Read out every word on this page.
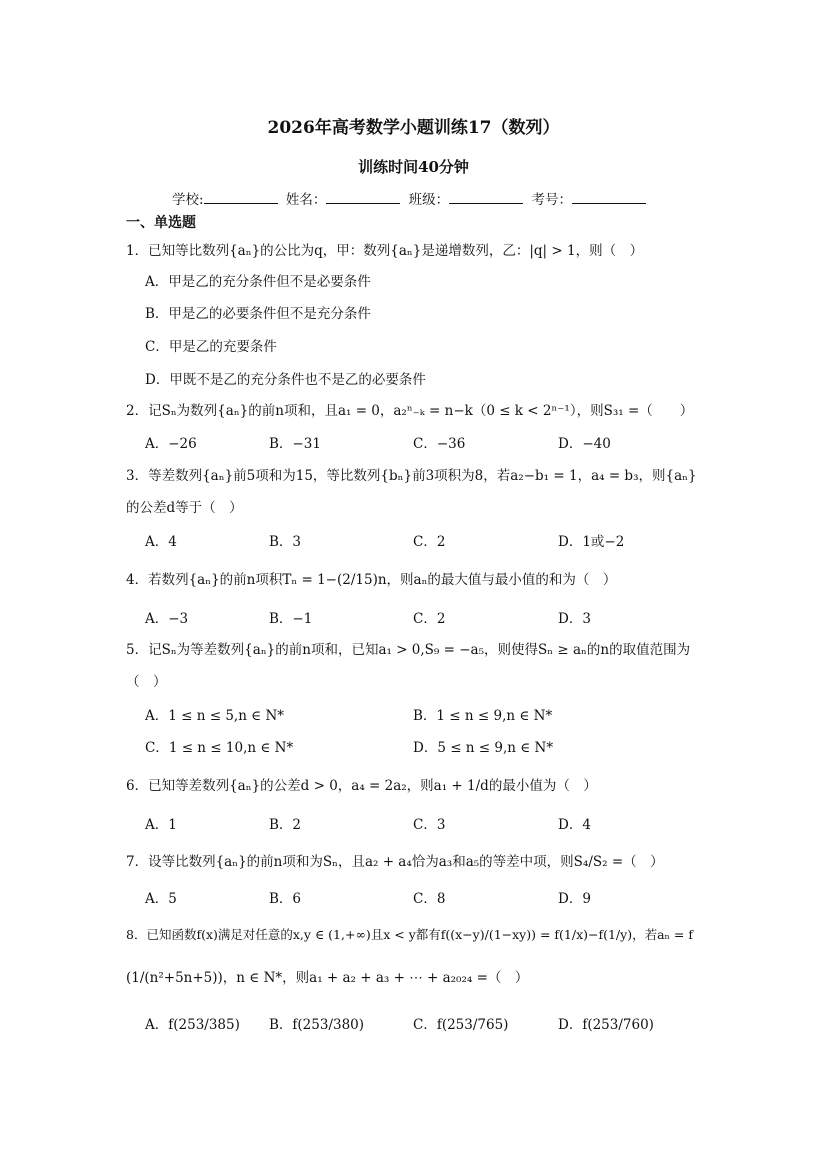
2026年高考数学小题训练17（数列）
训练时间40分钟
学校:	姓名：	班级：	考号：
一、单选题
1．已知等比数列{aₙ}的公比为q，甲：数列{aₙ}是递增数列，乙：|q| > 1，则（　）
A．甲是乙的充分条件但不是必要条件
B．甲是乙的必要条件但不是充分条件
C．甲是乙的充要条件
D．甲既不是乙的充分条件也不是乙的必要条件
2．记Sₙ为数列{aₙ}的前n项和，且a₁ = 0，a₂ⁿ₋ₖ = n−k（0 ≤ k < 2ⁿ⁻¹），则S₃₁ =（　　）
A．−26	B．−31	C．−36	D．−40
3．等差数列{aₙ}前5项和为15，等比数列{bₙ}前3项积为8，若a₂−b₁ = 1，a₄ = b₃，则{aₙ}
的公差d等于（　）
A．4	B．3	C．2	D．1或−2
4．若数列{aₙ}的前n项积Tₙ = 1−(2/15)n，则aₙ的最大值与最小值的和为（　）
A．−3	B．−1	C．2	D．3
5．记Sₙ为等差数列{aₙ}的前n项和，已知a₁ > 0,S₉ = −a₅，则使得Sₙ ≥ aₙ的n的取值范围为
（　）
A．1 ≤ n ≤ 5,n ∈ N*	B．1 ≤ n ≤ 9,n ∈ N*
C．1 ≤ n ≤ 10,n ∈ N*	D．5 ≤ n ≤ 9,n ∈ N*
6．已知等差数列{aₙ}的公差d > 0，a₄ = 2a₂，则a₁ + 1/d的最小值为（　）
A．1	B．2	C．3	D．4
7．设等比数列{aₙ}的前n项和为Sₙ，且a₂ + a₄恰为a₃和a₅的等差中项，则S₄/S₂ =（　）
A．5	B．6	C．8	D．9
8．已知函数f(x)满足对任意的x,y ∈ (1,+∞)且x < y都有f((x−y)/(1−xy)) = f(1/x)−f(1/y)，若aₙ = f
(1/(n²+5n+5))，n ∈ N*，则a₁ + a₂ + a₃ + ⋯ + a₂₀₂₄ =（　）
A．f(253/385) B．f(253/380)	C．f(253/765)	D．f(253/760)
